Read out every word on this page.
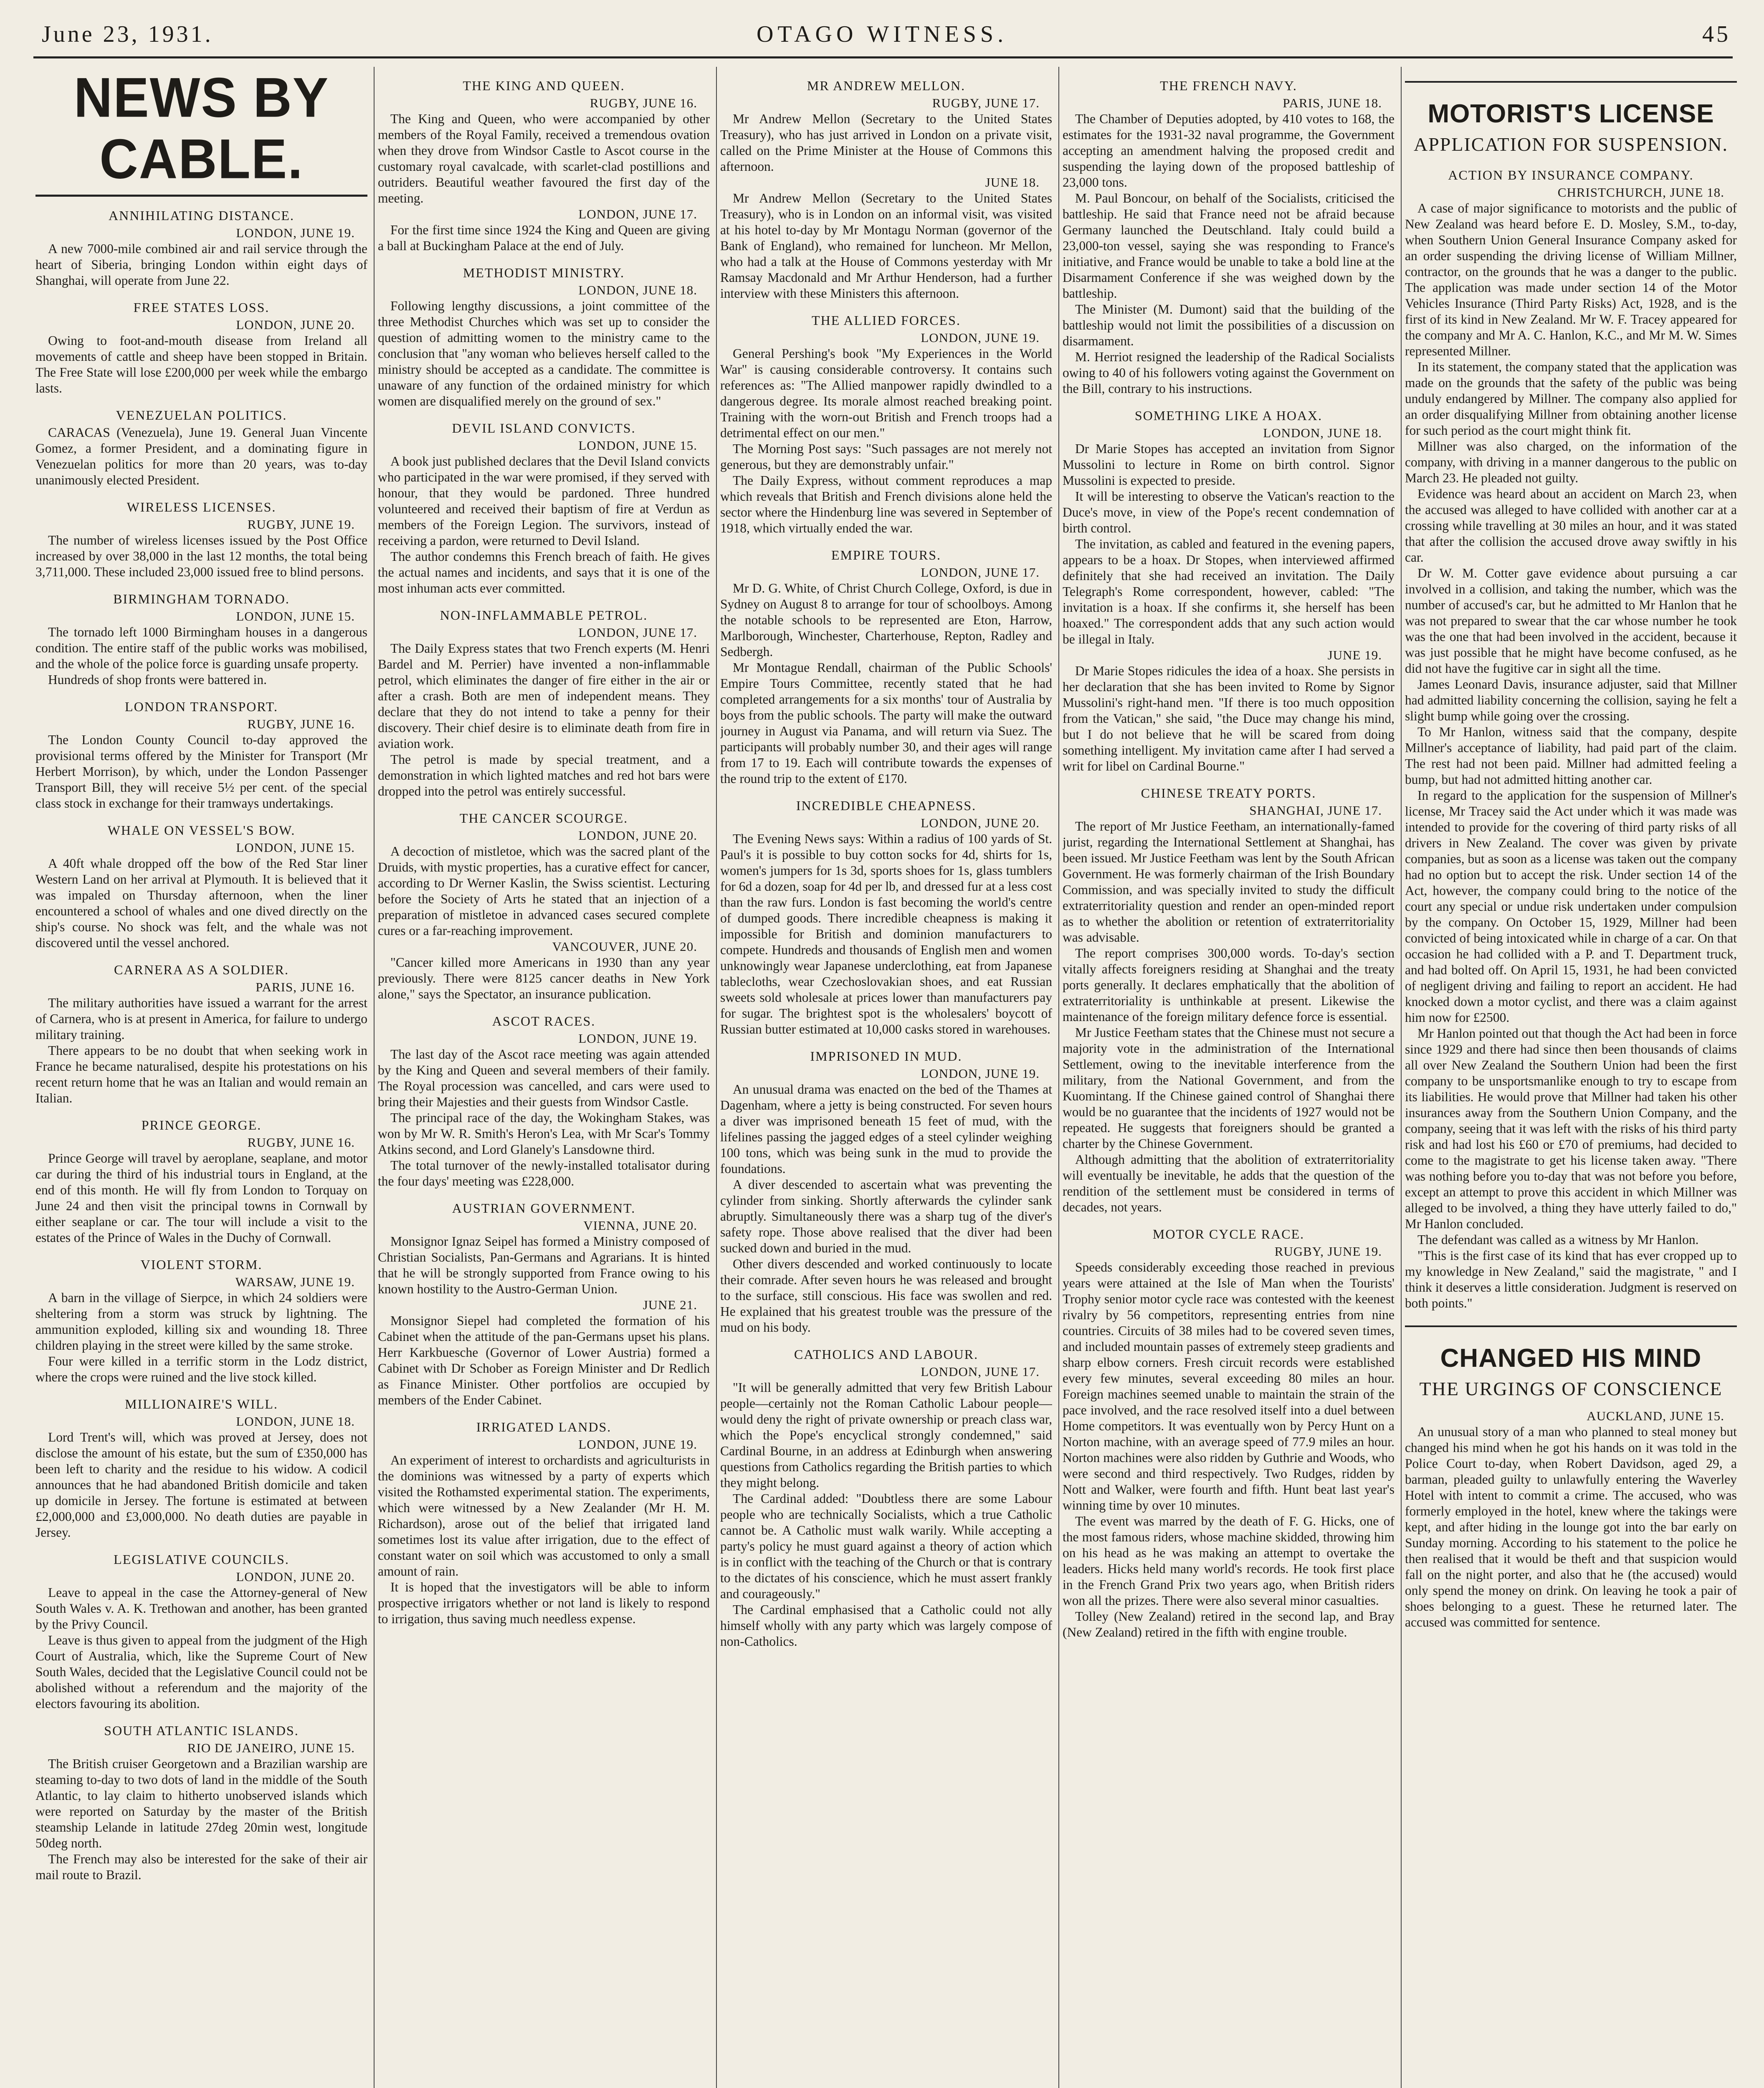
June 23, 1931.	OTAGO WITNESS.	45
NEWS BY CABLE.
ANNIHILATING DISTANCE.
LONDON, JUNE 19.

A new 7000-mile combined air and rail service through the heart of Siberia, bringing London within eight days of Shanghai, will operate from June 22.

FREE STATES LOSS.
LONDON, JUNE 20.

Owing to foot-and-mouth disease from Ireland all movements of cattle and sheep have been stopped in Britain. The Free State will lose £200,000 per week while the embargo lasts.

VENEZUELAN POLITICS.

CARACAS (Venezuela), June 19. General Juan Vincente Gomez, a former President, and a dominating figure in Venezuelan politics for more than 20 years, was to-day unanimously elected President.

WIRELESS LICENSES.
RUGBY, JUNE 19.

The number of wireless licenses issued by the Post Office increased by over 38,000 in the last 12 months, the total being 3,711,000. These included 23,000 issued free to blind persons.

BIRMINGHAM TORNADO.
LONDON, JUNE 15.

The tornado left 1000 Birmingham houses in a dangerous condition. The entire staff of the public works was mobilised, and the whole of the police force is guarding unsafe property.

Hundreds of shop fronts were battered in.

LONDON TRANSPORT.
RUGBY, JUNE 16.

The London County Council to-day approved the provisional terms offered by the Minister for Transport (Mr Herbert Morrison), by which, under the London Passenger Transport Bill, they will receive 5½ per cent. of the special class stock in exchange for their tramways undertakings.

WHALE ON VESSEL'S BOW.
LONDON, JUNE 15.

A 40ft whale dropped off the bow of the Red Star liner Western Land on her arrival at Plymouth. It is believed that it was impaled on Thursday afternoon, when the liner encountered a school of whales and one dived directly on the ship's course. No shock was felt, and the whale was not discovered until the vessel anchored.

CARNERA AS A SOLDIER.
PARIS, JUNE 16.

The military authorities have issued a warrant for the arrest of Carnera, who is at present in America, for failure to undergo military training.

There appears to be no doubt that when seeking work in France he became naturalised, despite his protestations on his recent return home that he was an Italian and would remain an Italian.

PRINCE GEORGE.
RUGBY, JUNE 16.

Prince George will travel by aeroplane, seaplane, and motor car during the third of his industrial tours in England, at the end of this month. He will fly from London to Torquay on June 24 and then visit the principal towns in Cornwall by either seaplane or car. The tour will include a visit to the estates of the Prince of Wales in the Duchy of Cornwall.

VIOLENT STORM.
WARSAW, JUNE 19.

A barn in the village of Sierpce, in which 24 soldiers were sheltering from a storm was struck by lightning. The ammunition exploded, killing six and wounding 18. Three children playing in the street were killed by the same stroke.

Four were killed in a terrific storm in the Lodz district, where the crops were ruined and the live stock killed.

MILLIONAIRE'S WILL.
LONDON, JUNE 18.

Lord Trent's will, which was proved at Jersey, does not disclose the amount of his estate, but the sum of £350,000 has been left to charity and the residue to his widow. A codicil announces that he had abandoned British domicile and taken up domicile in Jersey. The fortune is estimated at between £2,000,000 and £3,000,000. No death duties are payable in Jersey.

LEGISLATIVE COUNCILS.
LONDON, JUNE 20.

Leave to appeal in the case the Attorney-general of New South Wales v. A. K. Trethowan and another, has been granted by the Privy Council.

Leave is thus given to appeal from the judgment of the High Court of Australia, which, like the Supreme Court of New South Wales, decided that the Legislative Council could not be abolished without a referendum and the majority of the electors favouring its abolition.

SOUTH ATLANTIC ISLANDS.
RIO DE JANEIRO, JUNE 15.

The British cruiser Georgetown and a Brazilian warship are steaming to-day to two dots of land in the middle of the South Atlantic, to lay claim to hitherto unobserved islands which were reported on Saturday by the master of the British steamship Lelande in latitude 27deg 20min west, longitude 50deg north.

The French may also be interested for the sake of their air mail route to Brazil.

THE KING AND QUEEN.
RUGBY, JUNE 16.

The King and Queen, who were accompanied by other members of the Royal Family, received a tremendous ovation when they drove from Windsor Castle to Ascot course in the customary royal cavalcade, with scarlet-clad postillions and outriders. Beautiful weather favoured the first day of the meeting.

LONDON, JUNE 17.

For the first time since 1924 the King and Queen are giving a ball at Buckingham Palace at the end of July.

METHODIST MINISTRY.
LONDON, JUNE 18.

Following lengthy discussions, a joint committee of the three Methodist Churches which was set up to consider the question of admitting women to the ministry came to the conclusion that "any woman who believes herself called to the ministry should be accepted as a candidate. The committee is unaware of any function of the ordained ministry for which women are disqualified merely on the ground of sex."

DEVIL ISLAND CONVICTS.
LONDON, JUNE 15.

A book just published declares that the Devil Island convicts who participated in the war were promised, if they served with honour, that they would be pardoned. Three hundred volunteered and received their baptism of fire at Verdun as members of the Foreign Legion. The survivors, instead of receiving a pardon, were returned to Devil Island.

The author condemns this French breach of faith. He gives the actual names and incidents, and says that it is one of the most inhuman acts ever committed.

NON-INFLAMMABLE PETROL.
LONDON, JUNE 17.

The Daily Express states that two French experts (M. Henri Bardel and M. Perrier) have invented a non-inflammable petrol, which eliminates the danger of fire either in the air or after a crash. Both are men of independent means. They declare that they do not intend to take a penny for their discovery. Their chief desire is to eliminate death from fire in aviation work.

The petrol is made by special treatment, and a demonstration in which lighted matches and red hot bars were dropped into the petrol was entirely successful.

THE CANCER SCOURGE.
LONDON, JUNE 20.

A decoction of mistletoe, which was the sacred plant of the Druids, with mystic properties, has a curative effect for cancer, according to Dr Werner Kaslin, the Swiss scientist. Lecturing before the Society of Arts he stated that an injection of a preparation of mistletoe in advanced cases secured complete cures or a far-reaching improvement.

VANCOUVER, JUNE 20.

"Cancer killed more Americans in 1930 than any year previously. There were 8125 cancer deaths in New York alone," says the Spectator, an insurance publication.

ASCOT RACES.
LONDON, JUNE 19.

The last day of the Ascot race meeting was again attended by the King and Queen and several members of their family. The Royal procession was cancelled, and cars were used to bring their Majesties and their guests from Windsor Castle.

The principal race of the day, the Wokingham Stakes, was won by Mr W. R. Smith's Heron's Lea, with Mr Scar's Tommy Atkins second, and Lord Glanely's Lansdowne third.

The total turnover of the newly-installed totalisator during the four days' meeting was £228,000.

AUSTRIAN GOVERNMENT.
VIENNA, JUNE 20.

Monsignor Ignaz Seipel has formed a Ministry composed of Christian Socialists, Pan-Germans and Agrarians. It is hinted that he will be strongly supported from France owing to his known hostility to the Austro-German Union.

JUNE 21.

Monsignor Siepel had completed the formation of his Cabinet when the attitude of the pan-Germans upset his plans. Herr Karkbuesche (Governor of Lower Austria) formed a Cabinet with Dr Schober as Foreign Minister and Dr Redlich as Finance Minister. Other portfolios are occupied by members of the Ender Cabinet.

IRRIGATED LANDS.
LONDON, JUNE 19.

An experiment of interest to orchardists and agriculturists in the dominions was witnessed by a party of experts which visited the Rothamsted experimental station. The experiments, which were witnessed by a New Zealander (Mr H. M. Richardson), arose out of the belief that irrigated land sometimes lost its value after irrigation, due to the effect of constant water on soil which was accustomed to only a small amount of rain.

It is hoped that the investigators will be able to inform prospective irrigators whether or not land is likely to respond to irrigation, thus saving much needless expense.

MR ANDREW MELLON.
RUGBY, JUNE 17.

Mr Andrew Mellon (Secretary to the United States Treasury), who has just arrived in London on a private visit, called on the Prime Minister at the House of Commons this afternoon.

JUNE 18.

Mr Andrew Mellon (Secretary to the United States Treasury), who is in London on an informal visit, was visited at his hotel to-day by Mr Montagu Norman (governor of the Bank of England), who remained for luncheon. Mr Mellon, who had a talk at the House of Commons yesterday with Mr Ramsay Macdonald and Mr Arthur Henderson, had a further interview with these Ministers this afternoon.

THE ALLIED FORCES.
LONDON, JUNE 19.

General Pershing's book "My Experiences in the World War" is causing considerable controversy. It contains such references as: "The Allied manpower rapidly dwindled to a dangerous degree. Its morale almost reached breaking point. Training with the worn-out British and French troops had a detrimental effect on our men."

The Morning Post says: "Such passages are not merely not generous, but they are demonstrably unfair."

The Daily Express, without comment reproduces a map which reveals that British and French divisions alone held the sector where the Hindenburg line was severed in September of 1918, which virtually ended the war.

EMPIRE TOURS.
LONDON, JUNE 17.

Mr D. G. White, of Christ Church College, Oxford, is due in Sydney on August 8 to arrange for tour of schoolboys. Among the notable schools to be represented are Eton, Harrow, Marlborough, Winchester, Charterhouse, Repton, Radley and Sedbergh.

Mr Montague Rendall, chairman of the Public Schools' Empire Tours Committee, recently stated that he had completed arrangements for a six months' tour of Australia by boys from the public schools. The party will make the outward journey in August via Panama, and will return via Suez. The participants will probably number 30, and their ages will range from 17 to 19. Each will contribute towards the expenses of the round trip to the extent of £170.

INCREDIBLE CHEAPNESS.
LONDON, JUNE 20.

The Evening News says: Within a radius of 100 yards of St. Paul's it is possible to buy cotton socks for 4d, shirts for 1s, women's jumpers for 1s 3d, sports shoes for 1s, glass tumblers for 6d a dozen, soap for 4d per lb, and dressed fur at a less cost than the raw furs. London is fast becoming the world's centre of dumped goods. There incredible cheapness is making it impossible for British and dominion manufacturers to compete. Hundreds and thousands of English men and women unknowingly wear Japanese underclothing, eat from Japanese tablecloths, wear Czechoslovakian shoes, and eat Russian sweets sold wholesale at prices lower than manufacturers pay for sugar. The brightest spot is the wholesalers' boycott of Russian butter estimated at 10,000 casks stored in warehouses.

IMPRISONED IN MUD.
LONDON, JUNE 19.

An unusual drama was enacted on the bed of the Thames at Dagenham, where a jetty is being constructed. For seven hours a diver was imprisoned beneath 15 feet of mud, with the lifelines passing the jagged edges of a steel cylinder weighing 100 tons, which was being sunk in the mud to provide the foundations.

A diver descended to ascertain what was preventing the cylinder from sinking. Shortly afterwards the cylinder sank abruptly. Simultaneously there was a sharp tug of the diver's safety rope. Those above realised that the diver had been sucked down and buried in the mud.

Other divers descended and worked continuously to locate their comrade. After seven hours he was released and brought to the surface, still conscious. His face was swollen and red. He explained that his greatest trouble was the pressure of the mud on his body.

CATHOLICS AND LABOUR.
LONDON, JUNE 17.

"It will be generally admitted that very few British Labour people—certainly not the Roman Catholic Labour people—would deny the right of private ownership or preach class war, which the Pope's encyclical strongly condemned," said Cardinal Bourne, in an address at Edinburgh when answering questions from Catholics regarding the British parties to which they might belong.

The Cardinal added: "Doubtless there are some Labour people who are technically Socialists, which a true Catholic cannot be. A Catholic must walk warily. While accepting a party's policy he must guard against a theory of action which is in conflict with the teaching of the Church or that is contrary to the dictates of his conscience, which he must assert frankly and courageously."

The Cardinal emphasised that a Catholic could not ally himself wholly with any party which was largely compose of non-Catholics.

THE FRENCH NAVY.
PARIS, JUNE 18.

The Chamber of Deputies adopted, by 410 votes to 168, the estimates for the 1931-32 naval programme, the Government accepting an amendment halving the proposed credit and suspending the laying down of the proposed battleship of 23,000 tons.

M. Paul Boncour, on behalf of the Socialists, criticised the battleship. He said that France need not be afraid because Germany launched the Deutschland. Italy could build a 23,000-ton vessel, saying she was responding to France's initiative, and France would be unable to take a bold line at the Disarmament Conference if she was weighed down by the battleship.

The Minister (M. Dumont) said that the building of the battleship would not limit the possibilities of a discussion on disarmament.

M. Herriot resigned the leadership of the Radical Socialists owing to 40 of his followers voting against the Government on the Bill, contrary to his instructions.

SOMETHING LIKE A HOAX.
LONDON, JUNE 18.

Dr Marie Stopes has accepted an invitation from Signor Mussolini to lecture in Rome on birth control. Signor Mussolini is expected to preside.

It will be interesting to observe the Vatican's reaction to the Duce's move, in view of the Pope's recent condemnation of birth control.

The invitation, as cabled and featured in the evening papers, appears to be a hoax. Dr Stopes, when interviewed affirmed definitely that she had received an invitation. The Daily Telegraph's Rome correspondent, however, cabled: "The invitation is a hoax. If she confirms it, she herself has been hoaxed." The correspondent adds that any such action would be illegal in Italy.

JUNE 19.

Dr Marie Stopes ridicules the idea of a hoax. She persists in her declaration that she has been invited to Rome by Signor Mussolini's right-hand men. "If there is too much opposition from the Vatican," she said, "the Duce may change his mind, but I do not believe that he will be scared from doing something intelligent. My invitation came after I had served a writ for libel on Cardinal Bourne."

CHINESE TREATY PORTS.
SHANGHAI, JUNE 17.

The report of Mr Justice Feetham, an internationally-famed jurist, regarding the International Settlement at Shanghai, has been issued. Mr Justice Feetham was lent by the South African Government. He was formerly chairman of the Irish Boundary Commission, and was specially invited to study the difficult extraterritoriality question and render an open-minded report as to whether the abolition or retention of extraterritoriality was advisable.

The report comprises 300,000 words. To-day's section vitally affects foreigners residing at Shanghai and the treaty ports generally. It declares emphatically that the abolition of extraterritoriality is unthinkable at present. Likewise the maintenance of the foreign military defence force is essential.

Mr Justice Feetham states that the Chinese must not secure a majority vote in the administration of the International Settlement, owing to the inevitable interference from the military, from the National Government, and from the Kuomintang. If the Chinese gained control of Shanghai there would be no guarantee that the incidents of 1927 would not be repeated. He suggests that foreigners should be granted a charter by the Chinese Government.

Although admitting that the abolition of extraterritoriality will eventually be inevitable, he adds that the question of the rendition of the settlement must be considered in terms of decades, not years.

MOTOR CYCLE RACE.
RUGBY, JUNE 19.

Speeds considerably exceeding those reached in previous years were attained at the Isle of Man when the Tourists' Trophy senior motor cycle race was contested with the keenest rivalry by 56 competitors, representing entries from nine countries. Circuits of 38 miles had to be covered seven times, and included mountain passes of extremely steep gradients and sharp elbow corners. Fresh circuit records were established every few minutes, several exceeding 80 miles an hour. Foreign machines seemed unable to maintain the strain of the pace involved, and the race resolved itself into a duel between Home competitors. It was eventually won by Percy Hunt on a Norton machine, with an average speed of 77.9 miles an hour. Norton machines were also ridden by Guthrie and Woods, who were second and third respectively. Two Rudges, ridden by Nott and Walker, were fourth and fifth. Hunt beat last year's winning time by over 10 minutes.

The event was marred by the death of F. G. Hicks, one of the most famous riders, whose machine skidded, throwing him on his head as he was making an attempt to overtake the leaders. Hicks held many world's records. He took first place in the French Grand Prix two years ago, when British riders won all the prizes. There were also several minor casualties.

Tolley (New Zealand) retired in the second lap, and Bray (New Zealand) retired in the fifth with engine trouble.

MOTORIST'S LICENSE
APPLICATION FOR SUSPENSION.
ACTION BY INSURANCE COMPANY.
CHRISTCHURCH, JUNE 18.

A case of major significance to motorists and the public of New Zealand was heard before E. D. Mosley, S.M., to-day, when Southern Union General Insurance Company asked for an order suspending the driving license of William Millner, contractor, on the grounds that he was a danger to the public. The application was made under section 14 of the Motor Vehicles Insurance (Third Party Risks) Act, 1928, and is the first of its kind in New Zealand. Mr W. F. Tracey appeared for the company and Mr A. C. Hanlon, K.C., and Mr M. W. Simes represented Millner.

In its statement, the company stated that the application was made on the grounds that the safety of the public was being unduly endangered by Millner. The company also applied for an order disqualifying Millner from obtaining another license for such period as the court might think fit.

Millner was also charged, on the information of the company, with driving in a manner dangerous to the public on March 23. He pleaded not guilty.

Evidence was heard about an accident on March 23, when the accused was alleged to have collided with another car at a crossing while travelling at 30 miles an hour, and it was stated that after the collision the accused drove away swiftly in his car.

Dr W. M. Cotter gave evidence about pursuing a car involved in a collision, and taking the number, which was the number of accused's car, but he admitted to Mr Hanlon that he was not prepared to swear that the car whose number he took was the one that had been involved in the accident, because it was just possible that he might have become confused, as he did not have the fugitive car in sight all the time.

James Leonard Davis, insurance adjuster, said that Millner had admitted liability concerning the collision, saying he felt a slight bump while going over the crossing.

To Mr Hanlon, witness said that the company, despite Millner's acceptance of liability, had paid part of the claim. The rest had not been paid. Millner had admitted feeling a bump, but had not admitted hitting another car.

In regard to the application for the suspension of Millner's license, Mr Tracey said the Act under which it was made was intended to provide for the covering of third party risks of all drivers in New Zealand. The cover was given by private companies, but as soon as a license was taken out the company had no option but to accept the risk. Under section 14 of the Act, however, the company could bring to the notice of the court any special or undue risk undertaken under compulsion by the company. On October 15, 1929, Millner had been convicted of being intoxicated while in charge of a car. On that occasion he had collided with a P. and T. Department truck, and had bolted off. On April 15, 1931, he had been convicted of negligent driving and failing to report an accident. He had knocked down a motor cyclist, and there was a claim against him now for £2500.

Mr Hanlon pointed out that though the Act had been in force since 1929 and there had since then been thousands of claims all over New Zealand the Southern Union had been the first company to be unsportsmanlike enough to try to escape from its liabilities. He would prove that Millner had taken his other insurances away from the Southern Union Company, and the company, seeing that it was left with the risks of his third party risk and had lost his £60 or £70 of premiums, had decided to come to the magistrate to get his license taken away. "There was nothing before you to-day that was not before you before, except an attempt to prove this accident in which Millner was alleged to be involved, a thing they have utterly failed to do," Mr Hanlon concluded.

The defendant was called as a witness by Mr Hanlon.

"This is the first case of its kind that has ever cropped up to my knowledge in New Zealand," said the magistrate, " and I think it deserves a little consideration. Judgment is reserved on both points."

CHANGED HIS MIND
THE URGINGS OF CONSCIENCE
AUCKLAND, JUNE 15.

An unusual story of a man who planned to steal money but changed his mind when he got his hands on it was told in the Police Court to-day, when Robert Davidson, aged 29, a barman, pleaded guilty to unlawfully entering the Waverley Hotel with intent to commit a crime. The accused, who was formerly employed in the hotel, knew where the takings were kept, and after hiding in the lounge got into the bar early on Sunday morning. According to his statement to the police he then realised that it would be theft and that suspicion would fall on the night porter, and also that he (the accused) would only spend the money on drink. On leaving he took a pair of shoes belonging to a guest. These he returned later. The accused was committed for sentence.
